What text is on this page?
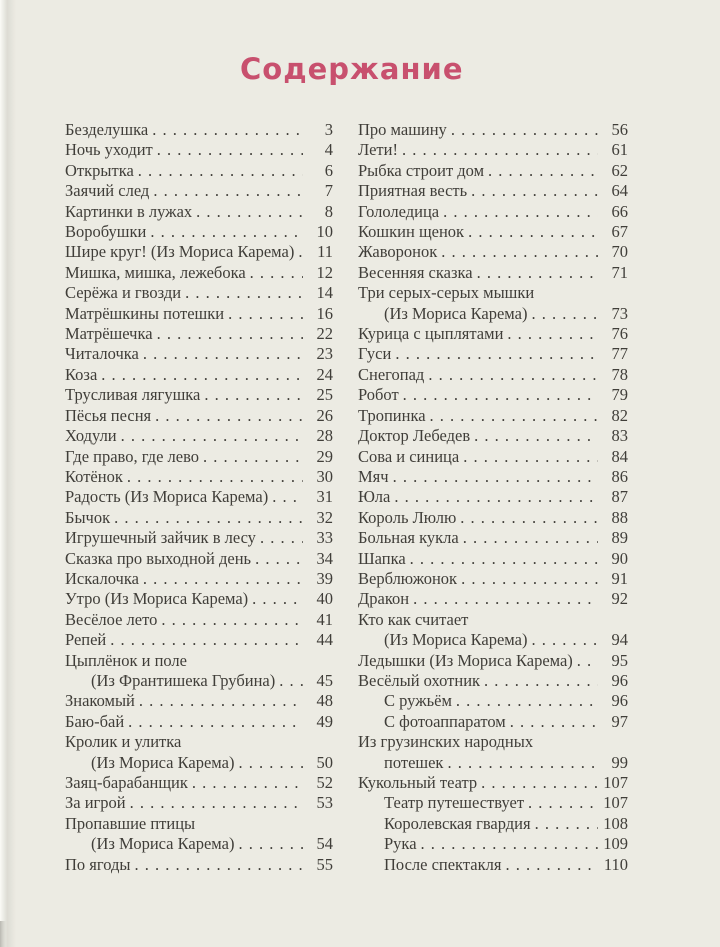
Содержание
Безделушка . . .	3
Ночь уходит . . .	4
Открытка . . .	6
Заячий след . . .	7
Картинки в лужах . . .	8
Воробушки . . .	10
Шире круг! (Из Мориса Карема) . . .	11
Мишка, мишка, лежебока . . .	12
Серёжа и гвозди . . .	14
Матрёшкины потешки . . .	16
Матрёшечка . . .	22
Читалочка . . .	23
Коза . . .	24
Трусливая лягушка . . .	25
Пёсья песня . . .	26
Ходули . . .	28
Где право, где лево . . .	29
Котёнок . . .	30
Радость (Из Мориса Карема) . . .	31
Бычок . . .	32
Игрушечный зайчик в лесу . . .	33
Сказка про выходной день . . .	34
Искалочка . . .	39
Утро (Из Мориса Карема) . . .	40
Весёлое лето . . .	41
Репей . . .	44
Цыплёнок и поле
(Из Франтишека Грубина) . . .	45
Знакомый . . .	48
Баю-бай . . .	49
Кролик и улитка
(Из Мориса Карема) . . .	50
Заяц-барабанщик . . .	52
За игрой . . .	53
Пропавшие птицы
(Из Мориса Карема) . . .	54
По ягоды . . .	55
Про машину . . .	56
Лети! . . .	61
Рыбка строит дом . . .	62
Приятная весть . . .	64
Гололедица . . .	66
Кошкин щенок . . .	67
Жаворонок . . .	70
Весенняя сказка . . .	71
Три серых-серых мышки
(Из Мориса Карема) . . .	73
Курица с цыплятами . . .	76
Гуси . . .	77
Снегопад . . .	78
Робот . . .	79
Тропинка . . .	82
Доктор Лебедев . . .	83
Сова и синица . . .	84
Мяч . . .	86
Юла . . .	87
Король Люлю . . .	88
Больная кукла . . .	89
Шапка . . .	90
Верблюжонок . . .	91
Дракон . . .	92
Кто как считает
(Из Мориса Карема) . . .	94
Ледышки (Из Мориса Карема) . . .	95
Весёлый охотник . . .	96
С ружьём . . .	96
С фотоаппаратом . . .	97
Из грузинских народных
потешек . . .	99
Кукольный театр . . .	107
Театр путешествует . . .	107
Королевская гвардия . . .	108
Рука . . .	109
После спектакля . . .	110
